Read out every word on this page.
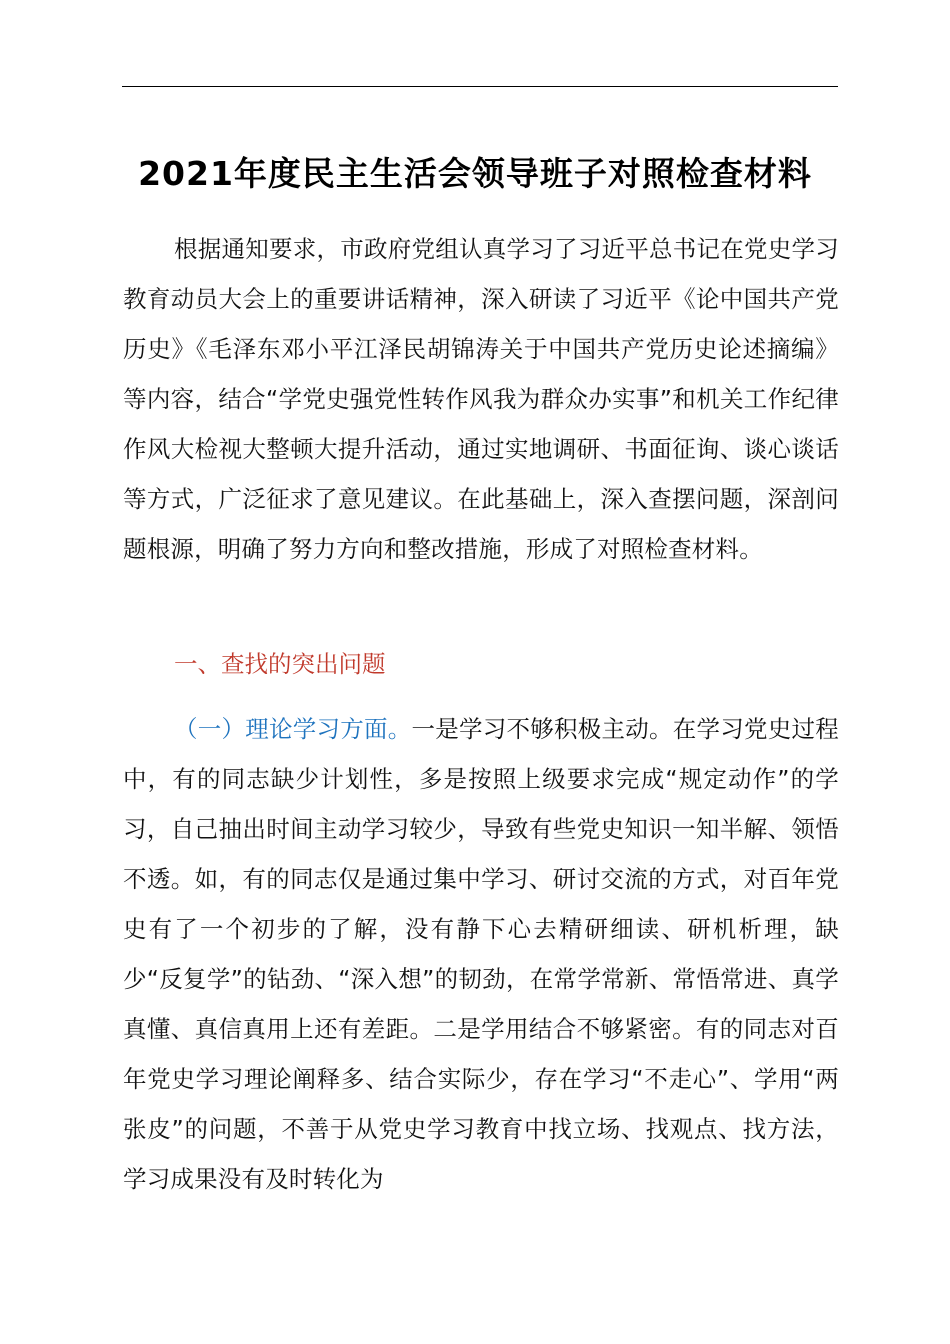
2021年度民主生活会领导班子对照检查材料

根据通知要求，市政府党组认真学习了习近平总书记在党史学习教育动员大会上的重要讲话精神，深入研读了习近平《论中国共产党历史》《毛泽东邓小平江泽民胡锦涛关于中国共产党历史论述摘编》等内容，结合“学党史强党性转作风我为群众办实事”和机关工作纪律作风大检视大整顿大提升活动，通过实地调研、书面征询、谈心谈话等方式，广泛征求了意见建议。在此基础上，深入查摆问题，深剖问题根源，明确了努力方向和整改措施，形成了对照检查材料。

一、查找的突出问题

（一）理论学习方面。一是学习不够积极主动。在学习党史过程中，有的同志缺少计划性，多是按照上级要求完成“规定动作”的学习，自己抽出时间主动学习较少，导致有些党史知识一知半解、领悟不透。如，有的同志仅是通过集中学习、研讨交流的方式，对百年党史有了一个初步的了解，没有静下心去精研细读、研机析理，缺少“反复学”的钻劲、“深入想”的韧劲，在常学常新、常悟常进、真学真懂、真信真用上还有差距。二是学用结合不够紧密。有的同志对百年党史学习理论阐释多、结合实际少，存在学习“不走心”、学用“两张皮”的问题，不善于从党史学习教育中找立场、找观点、找方法，学习成果没有及时转化为
